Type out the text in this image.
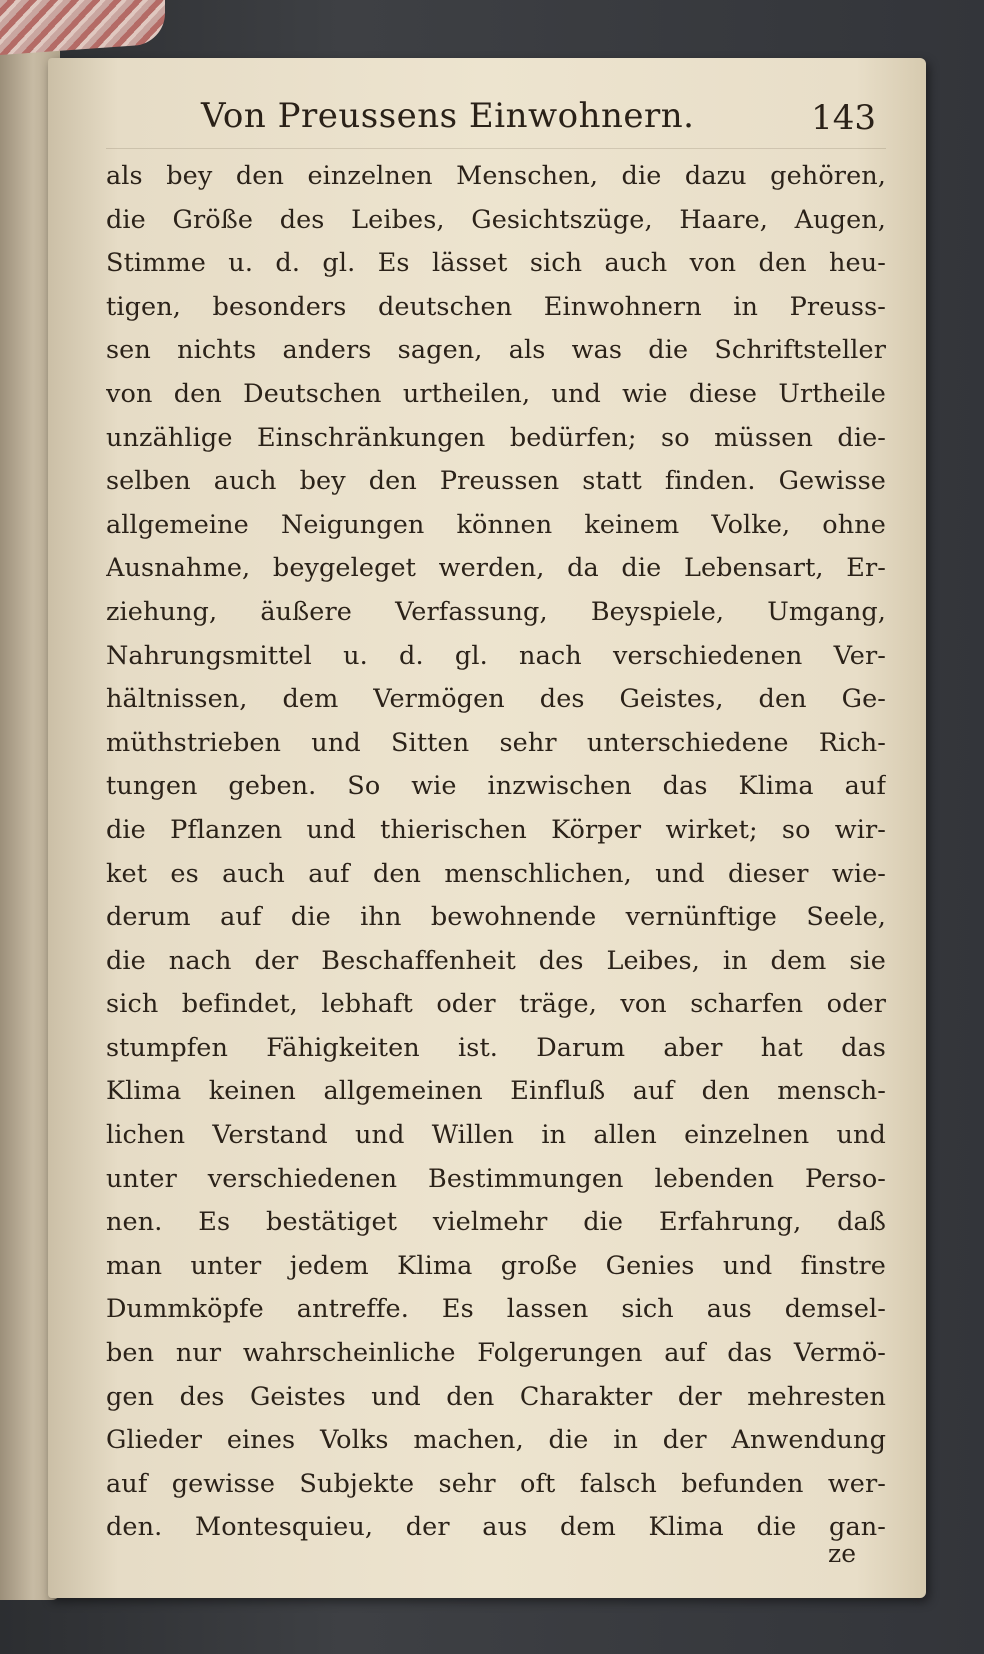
Von Preussens Einwohnern.	143
als bey den einzelnen Menschen, die dazu gehören,
die Größe des Leibes, Gesichtszüge, Haare, Augen,
Stimme u. d. gl. Es lässet sich auch von den heu-
tigen, besonders deutschen Einwohnern in Preuss-
sen nichts anders sagen, als was die Schriftsteller
von den Deutschen urtheilen, und wie diese Urtheile
unzählige Einschränkungen bedürfen; so müssen die-
selben auch bey den Preussen statt finden. Gewisse
allgemeine Neigungen können keinem Volke, ohne
Ausnahme, beygeleget werden, da die Lebensart, Er-
ziehung, äußere Verfassung, Beyspiele, Umgang,
Nahrungsmittel u. d. gl. nach verschiedenen Ver-
hältnissen, dem Vermögen des Geistes, den Ge-
müthstrieben und Sitten sehr unterschiedene Rich-
tungen geben. So wie inzwischen das Klima auf
die Pflanzen und thierischen Körper wirket; so wir-
ket es auch auf den menschlichen, und dieser wie-
derum auf die ihn bewohnende vernünftige Seele,
die nach der Beschaffenheit des Leibes, in dem sie
sich befindet, lebhaft oder träge, von scharfen oder
stumpfen Fähigkeiten ist. Darum aber hat das
Klima keinen allgemeinen Einfluß auf den mensch-
lichen Verstand und Willen in allen einzelnen und
unter verschiedenen Bestimmungen lebenden Perso-
nen. Es bestätiget vielmehr die Erfahrung, daß
man unter jedem Klima große Genies und finstre
Dummköpfe antreffe. Es lassen sich aus demsel-
ben nur wahrscheinliche Folgerungen auf das Vermö-
gen des Geistes und den Charakter der mehresten
Glieder eines Volks machen, die in der Anwendung
auf gewisse Subjekte sehr oft falsch befunden wer-
den. Montesquieu, der aus dem Klima die gan-
ze
